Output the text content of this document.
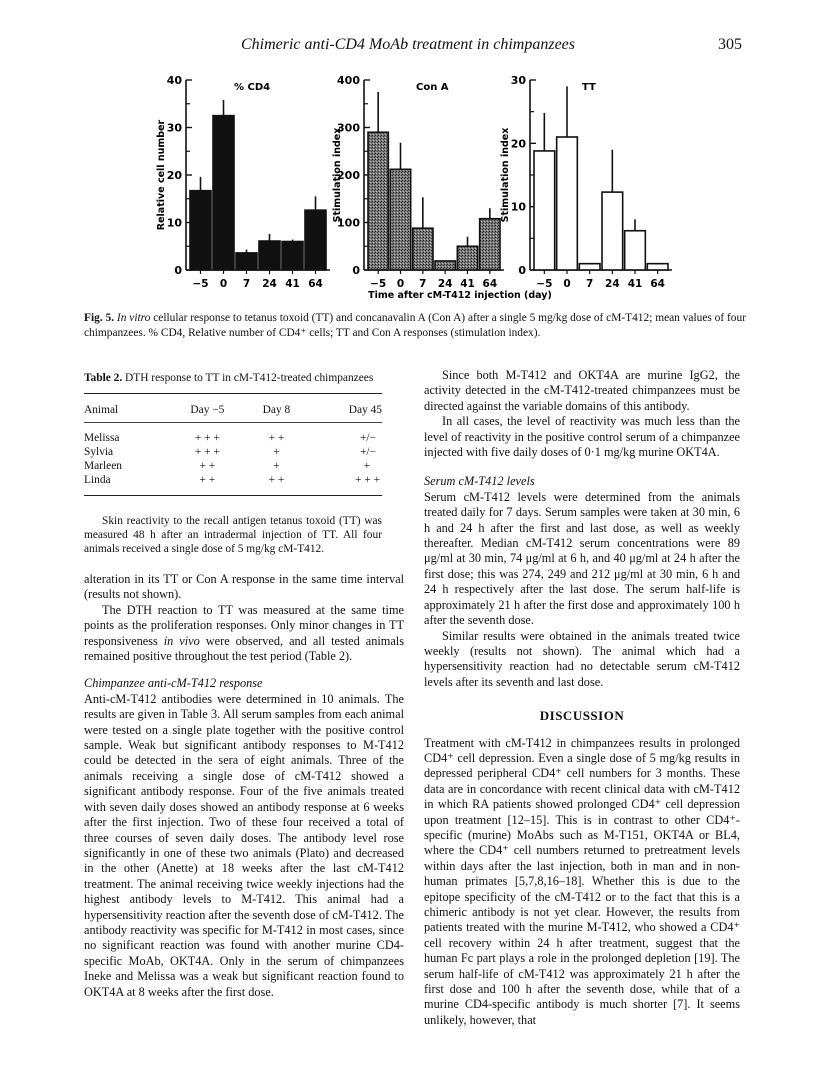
Chimeric anti-CD4 MoAb treatment in chimpanzees	305
0
10
20
30
40
Relative cell number
% CD4
−5 0 7 24 41 64
0
100
200
300
400
Stimulation index
Con A
−5 0 7 24 41 64
0
10
20
30
Stimulation index
TT
−5 0 7 24 41 64
Time after cM-T412 injection (day)
Fig. 5. In vitro cellular response to tetanus toxoid (TT) and concanavalin A (Con A) after a single 5 mg/kg dose of cM-T412; mean values of four chimpanzees. % CD4, Relative number of CD4⁺ cells; TT and Con A responses (stimulation index).
Table 2. DTH response to TT in cM-T412-treated chimpanzees
Animal	Day −5	Day 8	Day 45
Melissa	+ + +	+ +	+/−
Sylvia	+ + +	+	+/−
Marleen	+ +	+	+
Linda	+ +	+ +	+ + +
Skin reactivity to the recall antigen tetanus toxoid (TT) was measured 48 h after an intradermal injection of TT. All four animals received a single dose of 5 mg/kg cM-T412.

alteration in its TT or Con A response in the same time interval (results not shown).

The DTH reaction to TT was measured at the same time points as the proliferation responses. Only minor changes in TT responsiveness in vivo were observed, and all tested animals remained positive throughout the test period (Table 2).

Chimpanzee anti-cM-T412 response

Anti-cM-T412 antibodies were determined in 10 animals. The results are given in Table 3. All serum samples from each animal were tested on a single plate together with the positive control sample. Weak but significant antibody responses to M-T412 could be detected in the sera of eight animals. Three of the animals receiving a single dose of cM-T412 showed a significant antibody response. Four of the five animals treated with seven daily doses showed an antibody response at 6 weeks after the first injection. Two of these four received a total of three courses of seven daily doses. The antibody level rose significantly in one of these two animals (Plato) and decreased in the other (Anette) at 18 weeks after the last cM-T412 treatment. The animal receiving twice weekly injections had the highest antibody levels to M-T412. This animal had a hypersensitivity reaction after the seventh dose of cM-T412. The antibody reactivity was specific for M-T412 in most cases, since no significant reaction was found with another murine CD4-specific MoAb, OKT4A. Only in the serum of chimpanzees Ineke and Melissa was a weak but significant reaction found to OKT4A at 8 weeks after the first dose.

Since both M-T412 and OKT4A are murine IgG2, the activity detected in the cM-T412-treated chimpanzees must be directed against the variable domains of this antibody.

In all cases, the level of reactivity was much less than the level of reactivity in the positive control serum of a chimpanzee injected with five daily doses of 0·1 mg/kg murine OKT4A.

Serum cM-T412 levels

Serum cM-T412 levels were determined from the animals treated daily for 7 days. Serum samples were taken at 30 min, 6 h and 24 h after the first and last dose, as well as weekly thereafter. Median cM-T412 serum concentrations were 89 μg/ml at 30 min, 74 μg/ml at 6 h, and 40 μg/ml at 24 h after the first dose; this was 274, 249 and 212 μg/ml at 30 min, 6 h and 24 h respectively after the last dose. The serum half-life is approximately 21 h after the first dose and approximately 100 h after the seventh dose.

Similar results were obtained in the animals treated twice weekly (results not shown). The animal which had a hypersensitivity reaction had no detectable serum cM-T412 levels after its seventh and last dose.

DISCUSSION

Treatment with cM-T412 in chimpanzees results in prolonged CD4⁺ cell depression. Even a single dose of 5 mg/kg results in depressed peripheral CD4⁺ cell numbers for 3 months. These data are in concordance with recent clinical data with cM-T412 in which RA patients showed prolonged CD4⁺ cell depression upon treatment [12–15]. This is in contrast to other CD4⁺-specific (murine) MoAbs such as M-T151, OKT4A or BL4, where the CD4⁺ cell numbers returned to pretreatment levels within days after the last injection, both in man and in non-human primates [5,7,8,16–18]. Whether this is due to the epitope specificity of the cM-T412 or to the fact that this is a chimeric antibody is not yet clear. However, the results from patients treated with the murine M-T412, who showed a CD4⁺ cell recovery within 24 h after treatment, suggest that the human Fc part plays a role in the prolonged depletion [19]. The serum half-life of cM-T412 was approximately 21 h after the first dose and 100 h after the seventh dose, while that of a murine CD4-specific antibody is much shorter [7]. It seems unlikely, however, that
